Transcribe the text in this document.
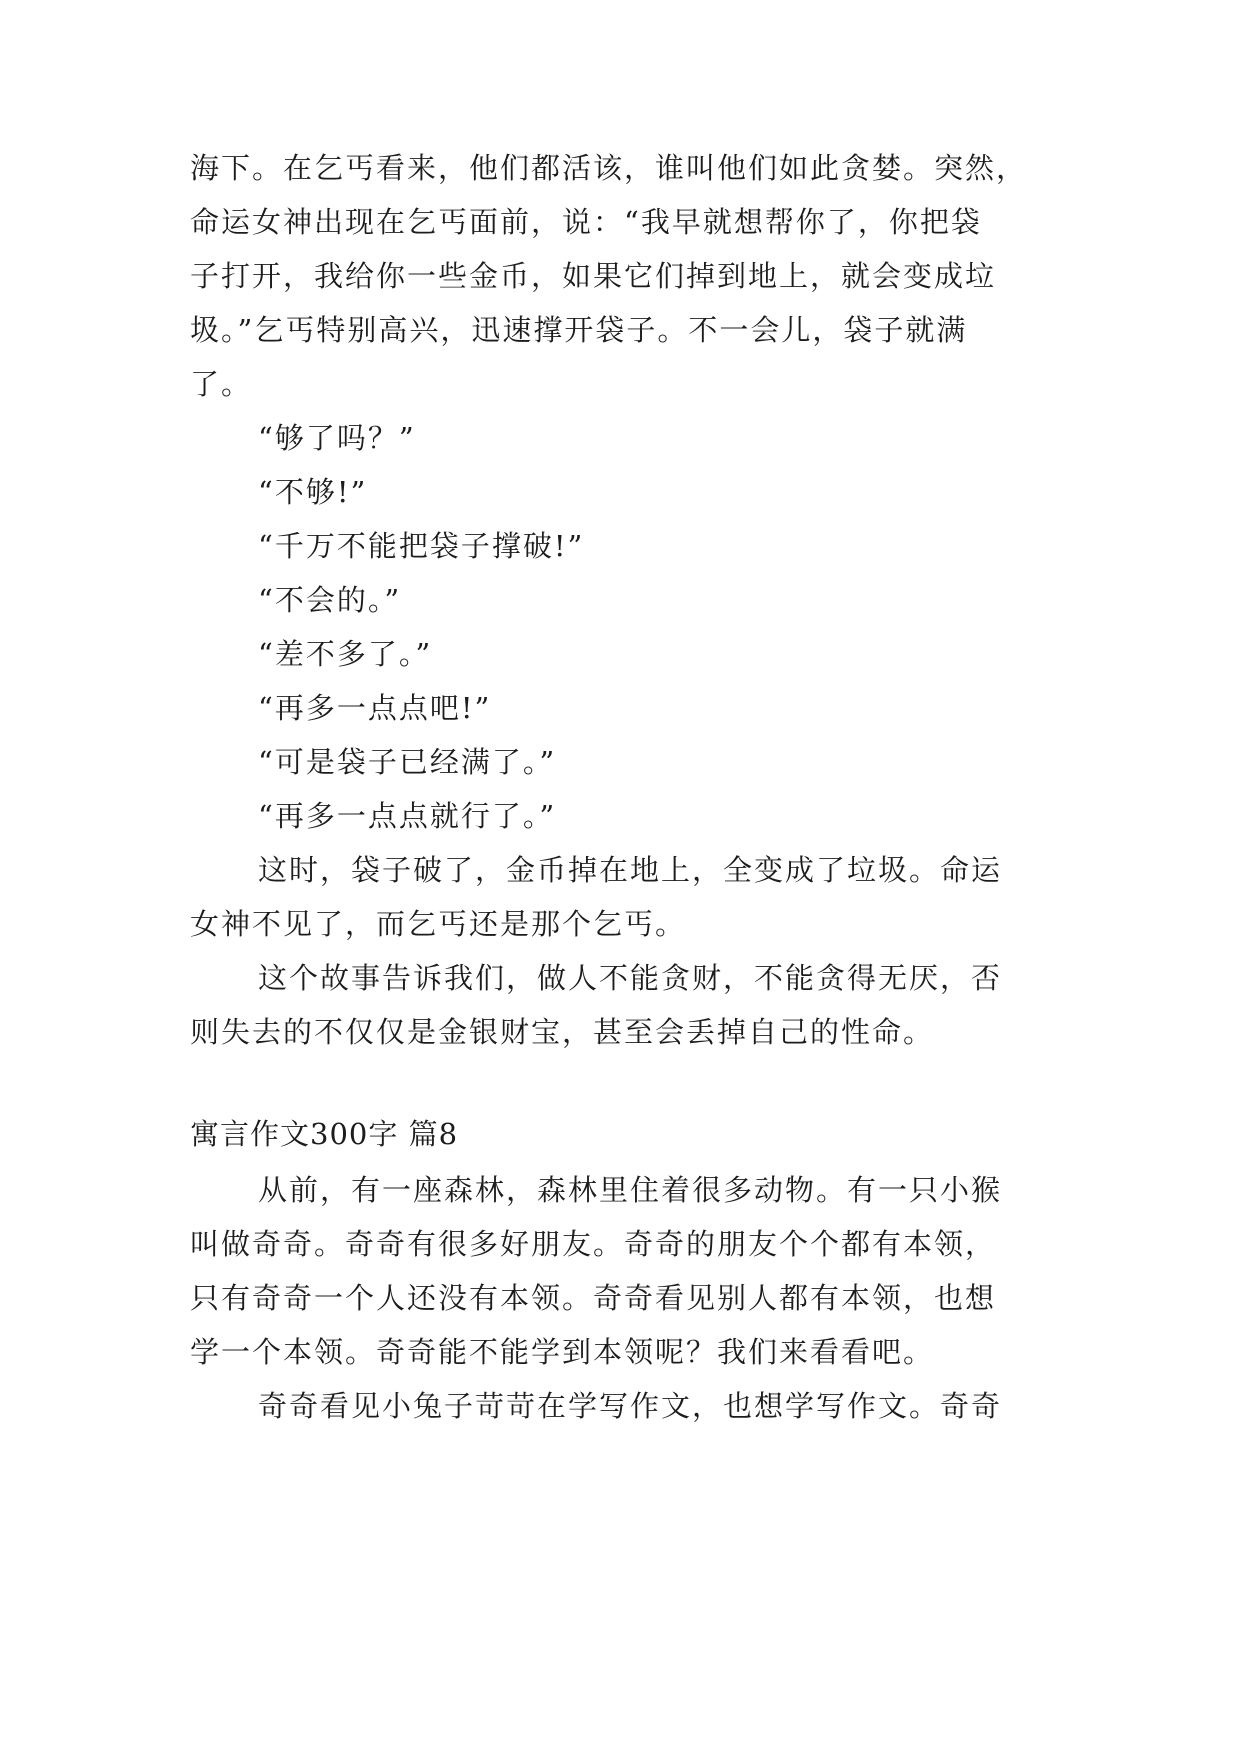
海下。在乞丐看来，他们都活该，谁叫他们如此贪婪。突然，

命运女神出现在乞丐面前，说：“我早就想帮你了，你把袋

子打开，我给你一些金币，如果它们掉到地上，就会变成垃

圾。”乞丐特别高兴，迅速撑开袋子。不一会儿，袋子就满

了。

“够了吗？”

“不够!”

“千万不能把袋子撑破!”

“不会的。”

“差不多了。”

“再多一点点吧!”

“可是袋子已经满了。”

“再多一点点就行了。”

这时，袋子破了，金币掉在地上，全变成了垃圾。命运

女神不见了，而乞丐还是那个乞丐。

这个故事告诉我们，做人不能贪财，不能贪得无厌，否

则失去的不仅仅是金银财宝，甚至会丢掉自己的性命。

寓言作文300字 篇8

从前，有一座森林，森林里住着很多动物。有一只小猴

叫做奇奇。奇奇有很多好朋友。奇奇的朋友个个都有本领，

只有奇奇一个人还没有本领。奇奇看见别人都有本领，也想

学一个本领。奇奇能不能学到本领呢？我们来看看吧。

奇奇看见小兔子苛苛在学写作文，也想学写作文。奇奇
